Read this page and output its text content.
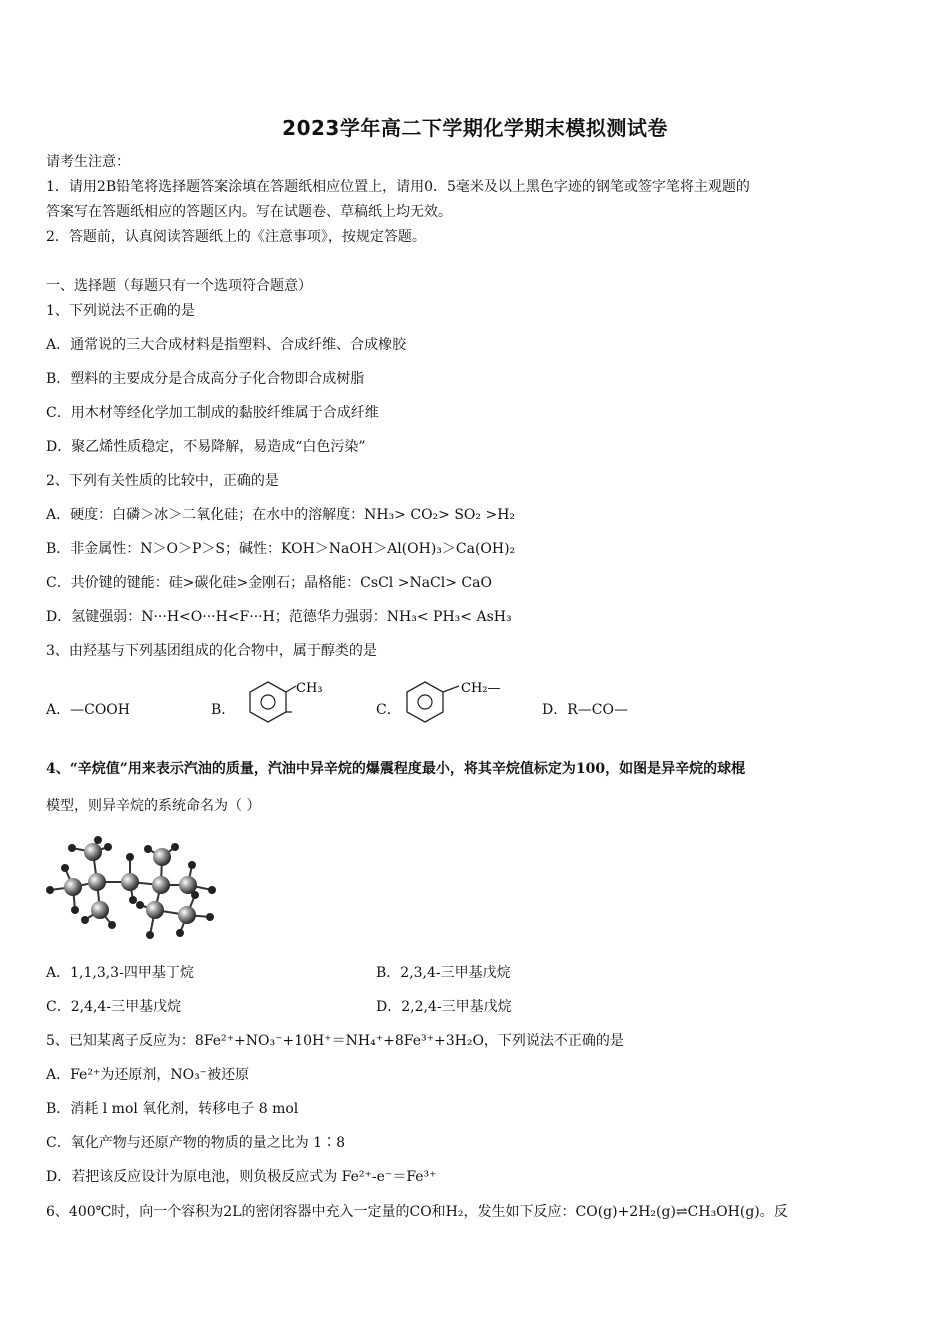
2023学年高二下学期化学期末模拟测试卷
请考生注意：
1．请用2B铅笔将选择题答案涂填在答题纸相应位置上，请用0．5毫米及以上黑色字迹的钢笔或签字笔将主观题的
答案写在答题纸相应的答题区内。写在试题卷、草稿纸上均无效。
2．答题前，认真阅读答题纸上的《注意事项》，按规定答题。
一、选择题（每题只有一个选项符合题意）
1、下列说法不正确的是
A．通常说的三大合成材料是指塑料、合成纤维、合成橡胶
B．塑料的主要成分是合成高分子化合物即合成树脂
C．用木材等经化学加工制成的黏胶纤维属于合成纤维
D．聚乙烯性质稳定，不易降解，易造成“白色污染”
2、下列有关性质的比较中，正确的是
A．硬度：白磷＞冰＞二氧化硅；在水中的溶解度：NH₃> CO₂> SO₂ >H₂
B．非金属性：N＞O＞P＞S；碱性：KOH＞NaOH＞Al(OH)₃＞Ca(OH)₂
C．共价键的键能：硅>碳化硅>金刚石；晶格能：CsCl >NaCl> CaO
D．氢键强弱：N···H<O···H<F···H；范德华力强弱：NH₃< PH₃< AsH₃
3、由羟基与下列基团组成的化合物中，属于醇类的是
A．—COOH	B．
CH₃
C．
CH₂—
D．R—CO—
4、“辛烷值”用来表示汽油的质量，汽油中异辛烷的爆震程度最小，将其辛烷值标定为100，如图是异辛烷的球棍
模型，则异辛烷的系统命名为（ ）
A．1,1,3,3-四甲基丁烷	B．2,3,4-三甲基戊烷
C．2,4,4-三甲基戊烷	D．2,2,4-三甲基戊烷
5、已知某离子反应为：8Fe²⁺+NO₃⁻+10H⁺＝NH₄⁺+8Fe³⁺+3H₂O，下列说法不正确的是
A．Fe²⁺为还原剂，NO₃⁻被还原
B．消耗 l mol 氧化剂，转移电子 8 mol
C．氧化产物与还原产物的物质的量之比为 1∶8
D．若把该反应设计为原电池，则负极反应式为 Fe²⁺-e⁻＝Fe³⁺
6、400℃时，向一个容积为2L的密闭容器中充入一定量的CO和H₂，发生如下反应：CO(g)+2H₂(g)⇌CH₃OH(g)。反
